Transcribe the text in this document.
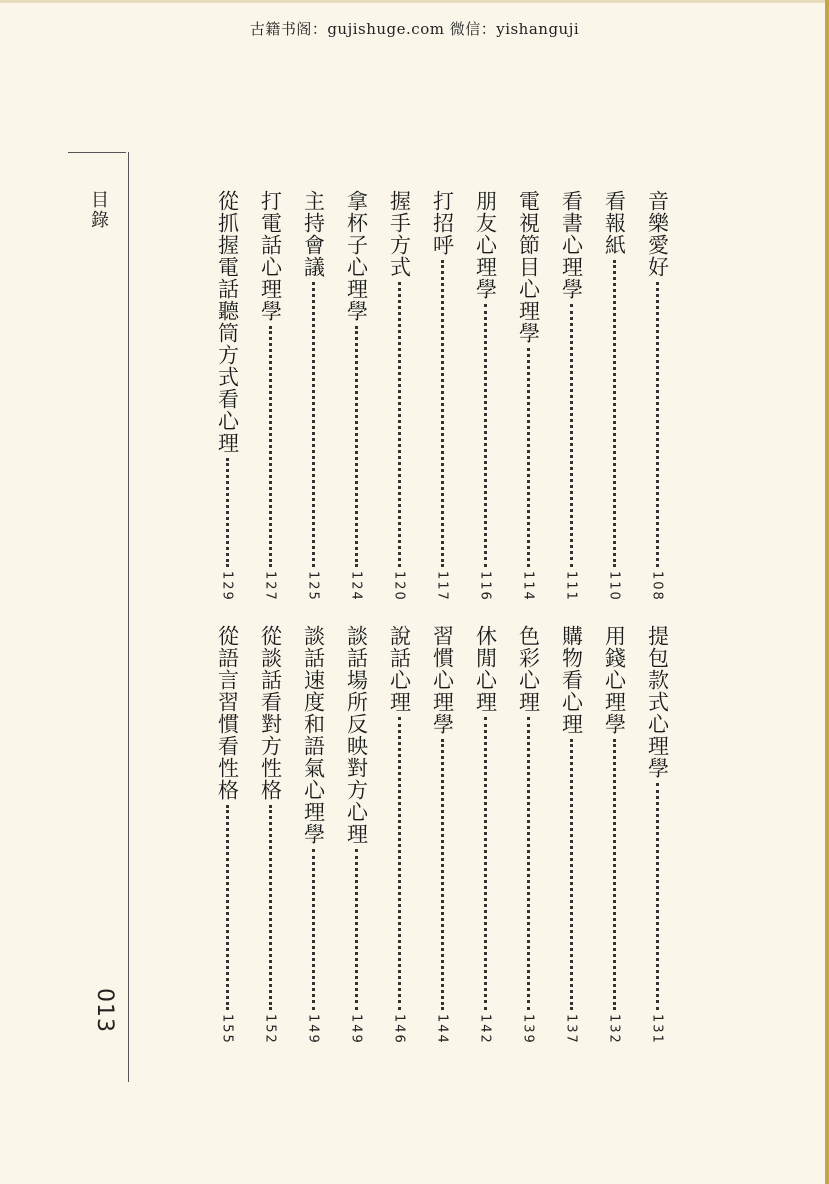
古籍书阁：gujishuge.com 微信：yishanguji
目錄
013
音樂愛好
108
看報紙
110
看書心理學
111
電視節目心理學
114
朋友心理學
116
打招呼
117
握手方式
120
拿杯子心理學
124
主持會議
125
打電話心理學
127
從抓握電話聽筒方式看心理
129
提包款式心理學
131
用錢心理學
132
購物看心理
137
色彩心理
139
休閒心理
142
習慣心理學
144
說話心理
146
談話場所反映對方心理
149
談話速度和語氣心理學
149
從談話看對方性格
152
從語言習慣看性格
155
